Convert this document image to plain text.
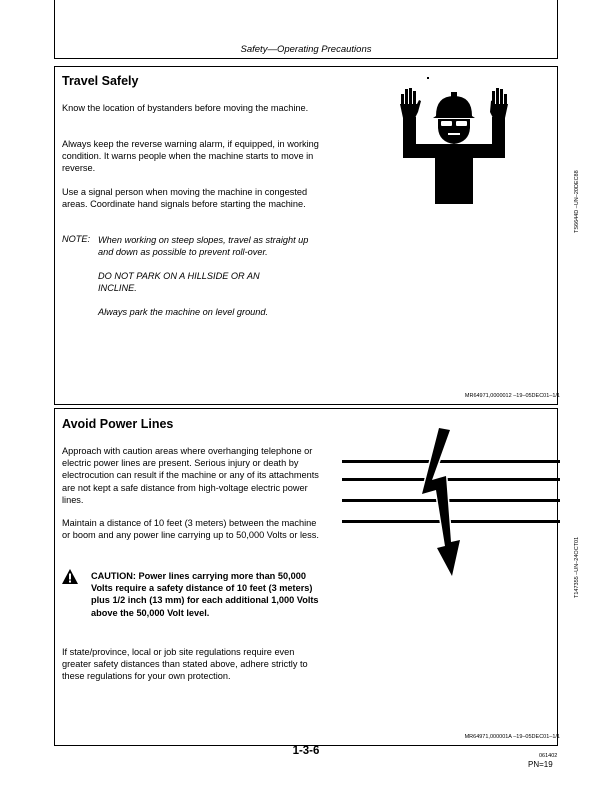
Safety—Operating Precautions
Travel Safely
Know the location of bystanders before moving the machine.
Always keep the reverse warning alarm, if equipped, in working condition. It warns people when the machine starts to move in reverse.
Use a signal person when moving the machine in congested areas. Coordinate hand signals before starting the machine.
NOTE: When working on steep slopes, travel as straight up and down as possible to prevent roll-over.
DO NOT PARK ON A HILLSIDE OR AN INCLINE.
Always park the machine on level ground.
TS6644D –UN–20DEC88
MR64971,0000012 –19–05DEC01–1/1
Avoid Power Lines
Approach with caution areas where overhanging telephone or electric power lines are present. Serious injury or death by electrocution can result if the machine or any of its attachments are not kept a safe distance from high-voltage electric power lines.
Maintain a distance of 10 feet (3 meters) between the machine or boom and any power line carrying up to 50,000 Volts or less.
CAUTION: Power lines carrying more than 50,000 Volts require a safety distance of 10 feet (3 meters) plus 1/2 inch (13 mm) for each additional 1,000 Volts above the 50,000 Volt level.
If state/province, local or job site regulations require even greater safety distances than stated above, adhere strictly to these regulations for your own protection.
T147355 –UN–24OCT01
MR64971,000001A –19–05DEC01–1/1
1-3-6	061402
PN=19
